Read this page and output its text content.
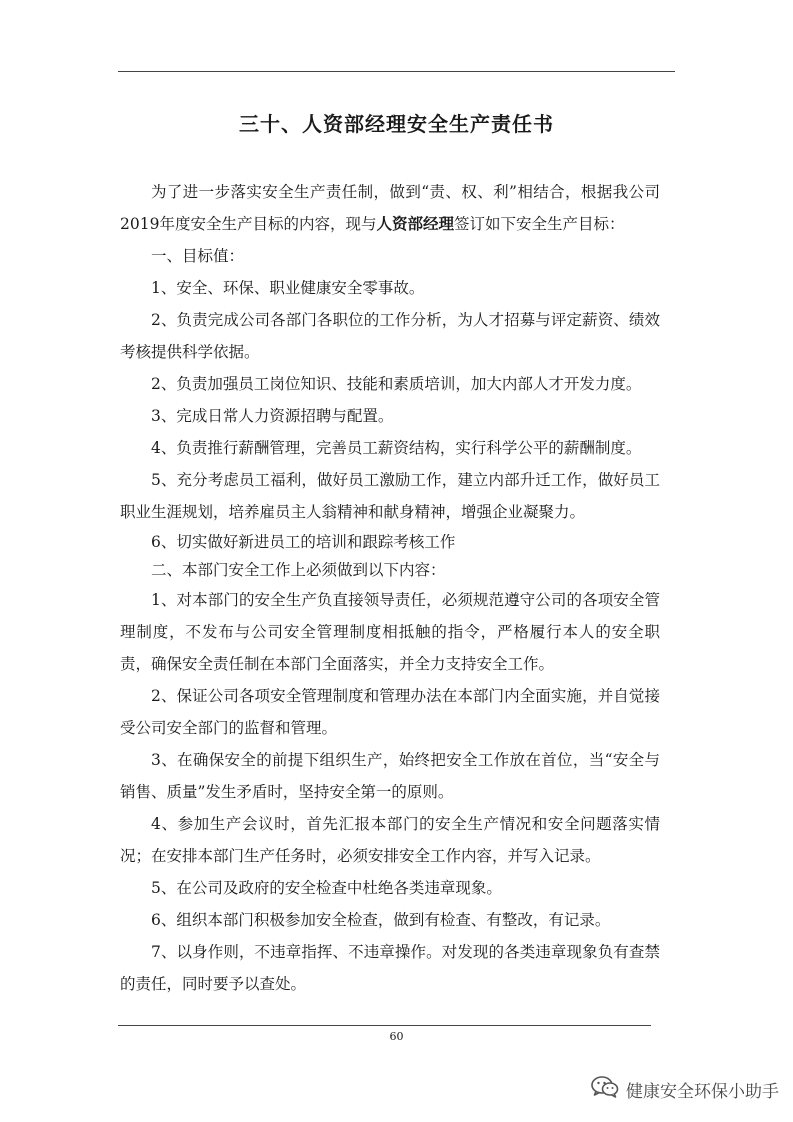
三十、人资部经理安全生产责任书

为了进一步落实安全生产责任制，做到“责、权、利”相结合，根据我公司2019年度安全生产目标的内容，现与人资部经理签订如下安全生产目标：

一、目标值：

1、安全、环保、职业健康安全零事故。

2、负责完成公司各部门各职位的工作分析，为人才招募与评定薪资、绩效考核提供科学依据。

2、负责加强员工岗位知识、技能和素质培训，加大内部人才开发力度。

3、完成日常人力资源招聘与配置。

4、负责推行薪酬管理，完善员工薪资结构，实行科学公平的薪酬制度。

5、充分考虑员工福利，做好员工激励工作，建立内部升迁工作，做好员工职业生涯规划，培养雇员主人翁精神和献身精神，增强企业凝聚力。

6、切实做好新进员工的培训和跟踪考核工作

二、本部门安全工作上必须做到以下内容：

1、对本部门的安全生产负直接领导责任，必须规范遵守公司的各项安全管理制度，不发布与公司安全管理制度相抵触的指令，严格履行本人的安全职责，确保安全责任制在本部门全面落实，并全力支持安全工作。

2、保证公司各项安全管理制度和管理办法在本部门内全面实施，并自觉接受公司安全部门的监督和管理。

3、在确保安全的前提下组织生产，始终把安全工作放在首位，当“安全与销售、质量”发生矛盾时，坚持安全第一的原则。

4、参加生产会议时，首先汇报本部门的安全生产情况和安全问题落实情况；在安排本部门生产任务时，必须安排安全工作内容，并写入记录。

5、在公司及政府的安全检查中杜绝各类违章现象。

6、组织本部门积极参加安全检查，做到有检查、有整改，有记录。

7、以身作则，不违章指挥、不违章操作。对发现的各类违章现象负有查禁的责任，同时要予以查处。

60
健康安全环保小助手
